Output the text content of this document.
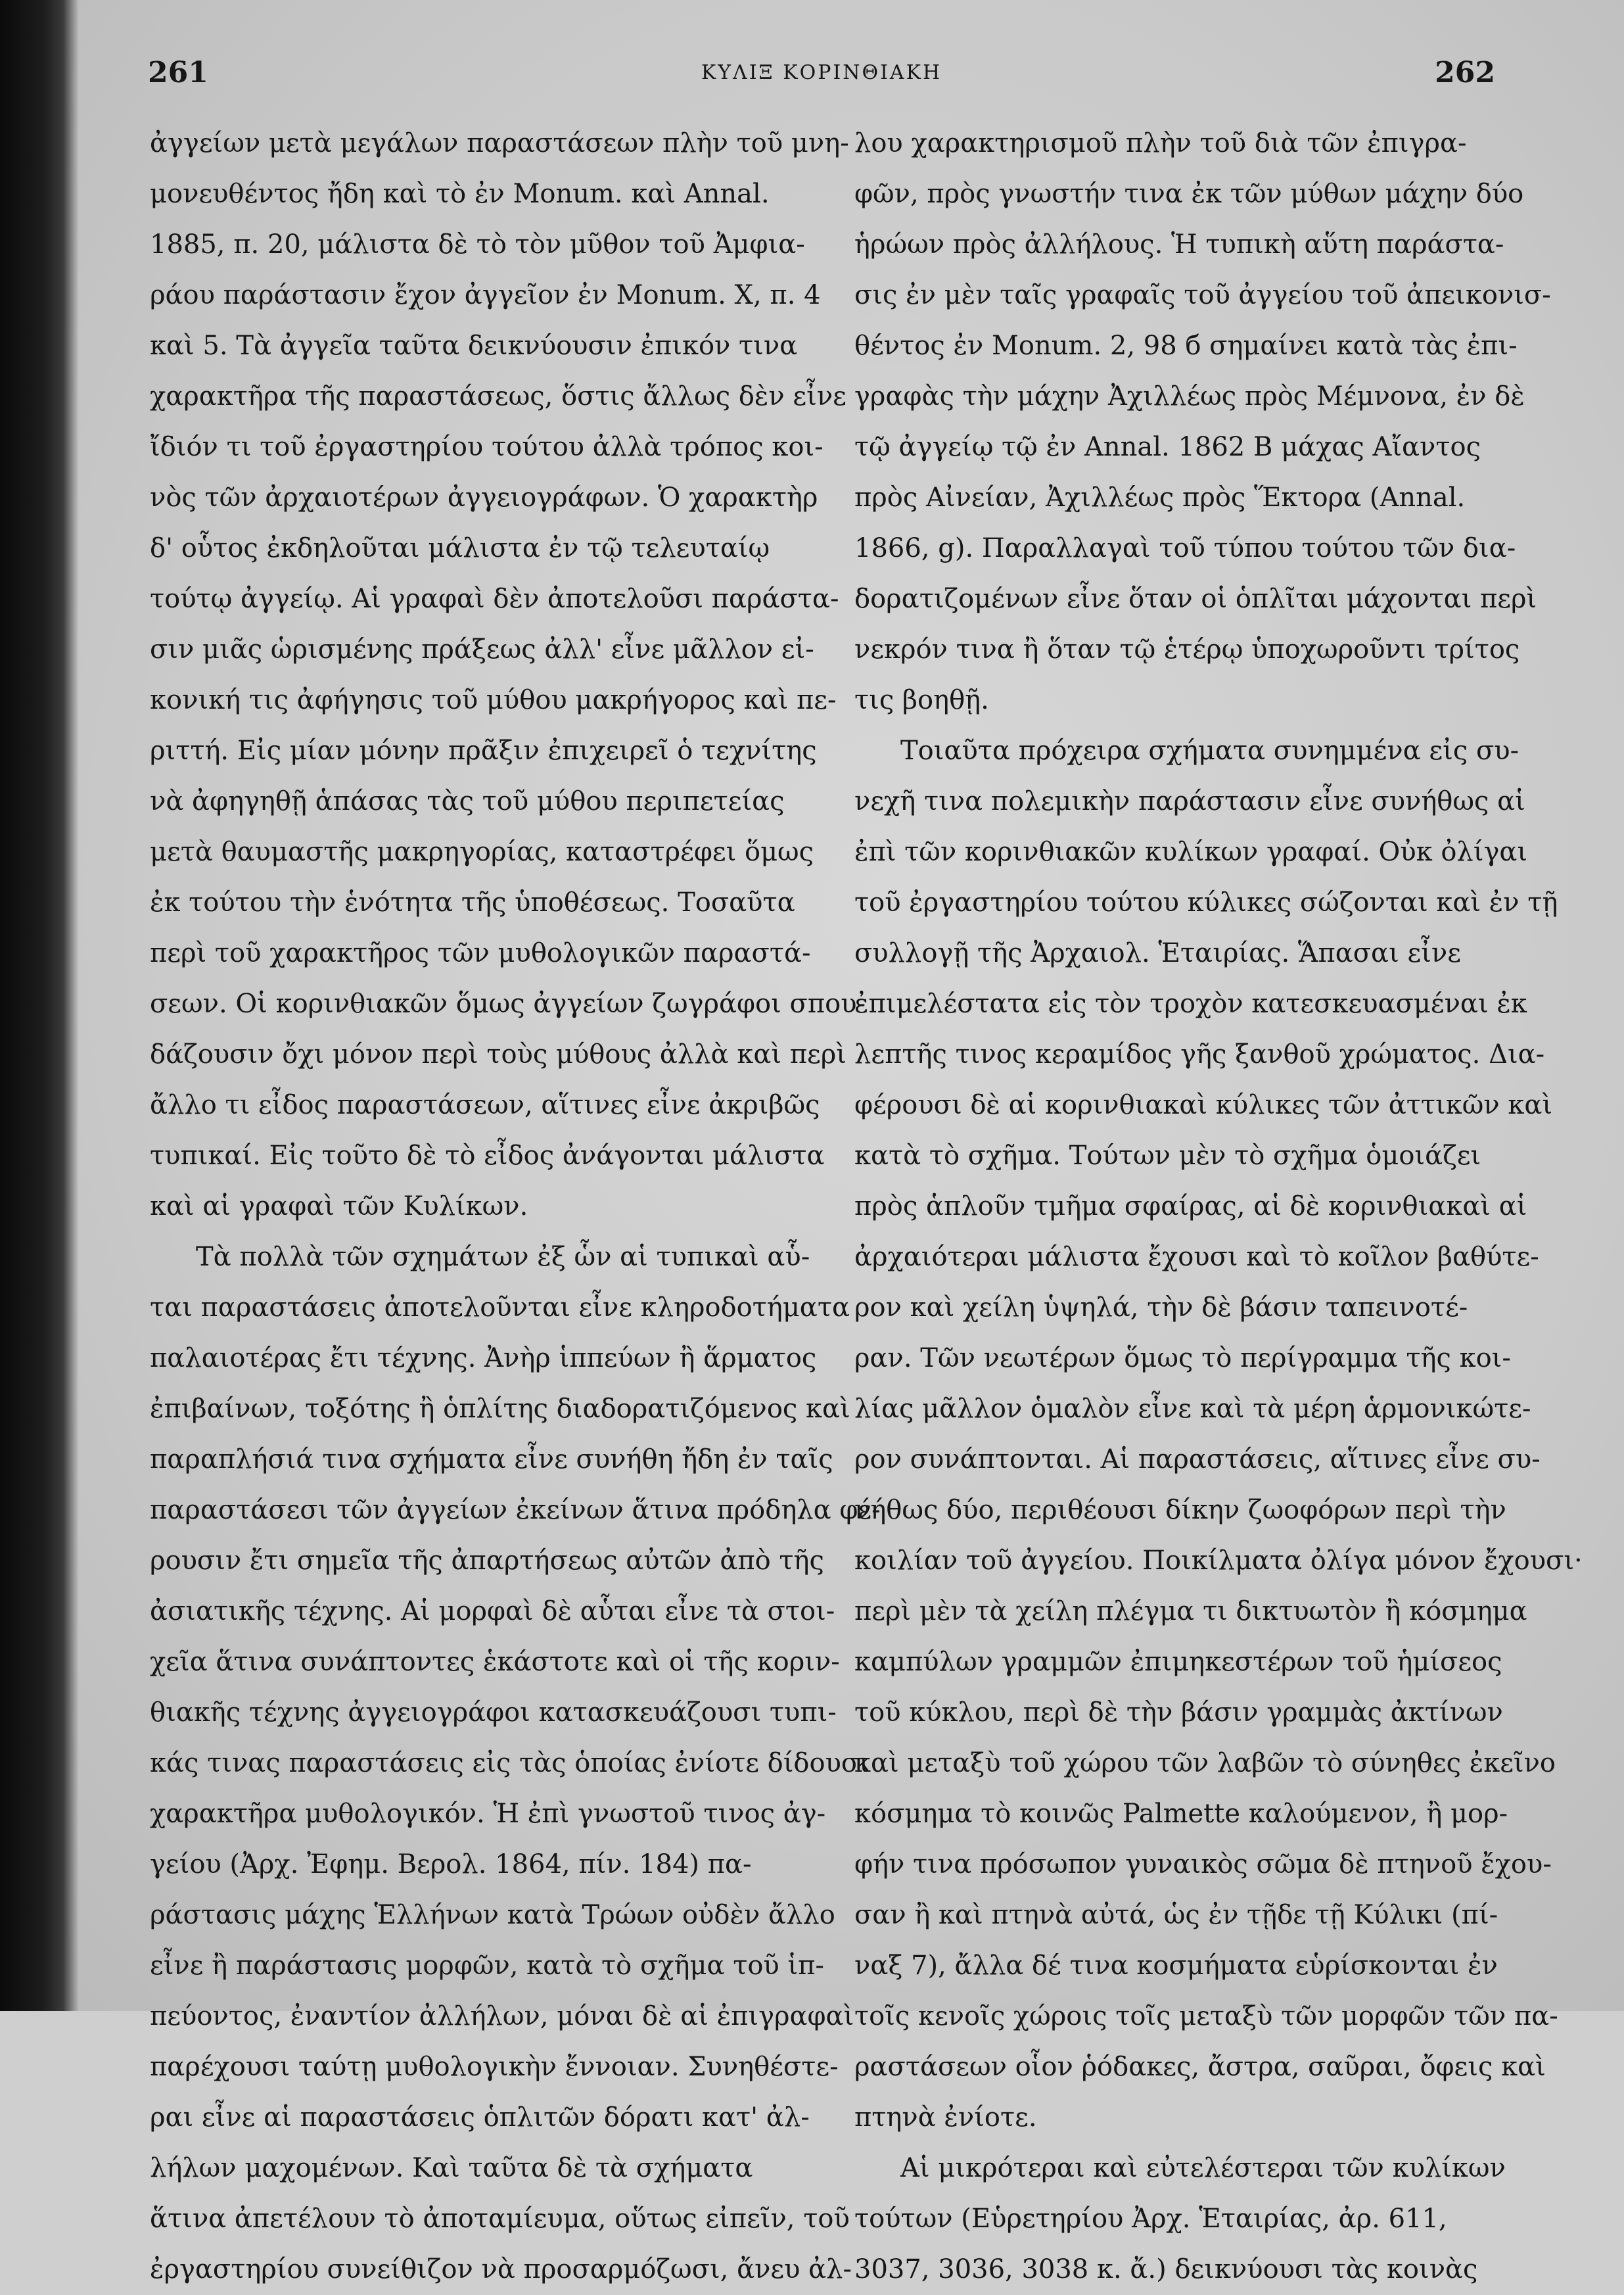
261	ΚΥΛΙΞ ΚΟΡΙΝΘΙΑΚΗ	262
ἀγγείων μετὰ μεγάλων παραστάσεων πλὴν τοῦ μνη-
μονευθέντος ἤδη καὶ τὸ ἐν Monum. καὶ Annal.
1885, π. 20, μάλιστα δὲ τὸ τὸν μῦθον τοῦ Ἀμφια-
ράου παράστασιν ἔχον ἀγγεῖον ἐν Monum. X, π. 4
καὶ 5. Τὰ ἀγγεῖα ταῦτα δεικνύουσιν ἐπικόν τινα
χαρακτῆρα τῆς παραστάσεως, ὅστις ἄλλως δὲν εἶνε
ἴδιόν τι τοῦ ἐργαστηρίου τούτου ἀλλὰ τρόπος κοι-
νὸς τῶν ἀρχαιοτέρων ἀγγειογράφων. Ὁ χαρακτὴρ
δ' οὗτος ἐκδηλοῦται μάλιστα ἐν τῷ τελευταίῳ
τούτῳ ἀγγείῳ. Αἱ γραφαὶ δὲν ἀποτελοῦσι παράστα-
σιν μιᾶς ὡρισμένης πράξεως ἀλλ' εἶνε μᾶλλον εἰ-
κονική τις ἀφήγησις τοῦ μύθου μακρήγορος καὶ πε-
ριττή. Εἰς μίαν μόνην πρᾶξιν ἐπιχειρεῖ ὁ τεχνίτης
νὰ ἀφηγηθῇ ἁπάσας τὰς τοῦ μύθου περιπετείας
μετὰ θαυμαστῆς μακρηγορίας, καταστρέφει ὅμως
ἐκ τούτου τὴν ἑνότητα τῆς ὑποθέσεως. Τοσαῦτα
περὶ τοῦ χαρακτῆρος τῶν μυθολογικῶν παραστά-
σεων. Οἱ κορινθιακῶν ὅμως ἀγγείων ζωγράφοι σπου-
δάζουσιν ὄχι μόνον περὶ τοὺς μύθους ἀλλὰ καὶ περὶ
ἄλλο τι εἶδος παραστάσεων, αἵτινες εἶνε ἀκριβῶς
τυπικαί. Εἰς τοῦτο δὲ τὸ εἶδος ἀνάγονται μάλιστα
καὶ αἱ γραφαὶ τῶν Κυλίκων.
Τὰ πολλὰ τῶν σχημάτων ἐξ ὧν αἱ τυπικαὶ αὗ-
ται παραστάσεις ἀποτελοῦνται εἶνε κληροδοτήματα
παλαιοτέρας ἔτι τέχνης. Ἀνὴρ ἱππεύων ἢ ἅρματος
ἐπιβαίνων, τοξότης ἢ ὁπλίτης διαδορατιζόμενος καὶ
παραπλήσιά τινα σχήματα εἶνε συνήθη ἤδη ἐν ταῖς
παραστάσεσι τῶν ἀγγείων ἐκείνων ἅτινα πρόδηλα φέ-
ρουσιν ἔτι σημεῖα τῆς ἀπαρτήσεως αὐτῶν ἀπὸ τῆς
ἀσιατικῆς τέχνης. Αἱ μορφαὶ δὲ αὗται εἶνε τὰ στοι-
χεῖα ἅτινα συνάπτοντες ἑκάστοτε καὶ οἱ τῆς κοριν-
θιακῆς τέχνης ἀγγειογράφοι κατασκευάζουσι τυπι-
κάς τινας παραστάσεις εἰς τὰς ὁποίας ἐνίοτε δίδουσι
χαρακτῆρα μυθολογικόν. Ἡ ἐπὶ γνωστοῦ τινος ἀγ-
γείου (Ἀρχ. Ἐφημ. Βερολ. 1864, πίν. 184) πα-
ράστασις μάχης Ἑλλήνων κατὰ Τρώων οὐδὲν ἄλλο
εἶνε ἢ παράστασις μορφῶν, κατὰ τὸ σχῆμα τοῦ ἱπ-
πεύοντος, ἐναντίον ἀλλήλων, μόναι δὲ αἱ ἐπιγραφαὶ
παρέχουσι ταύτῃ μυθολογικὴν ἔννοιαν. Συνηθέστε-
ραι εἶνε αἱ παραστάσεις ὁπλιτῶν δόρατι κατ' ἀλ-
λήλων μαχομένων. Καὶ ταῦτα δὲ τὰ σχήματα
ἅτινα ἀπετέλουν τὸ ἀποταμίευμα, οὕτως εἰπεῖν, τοῦ
ἐργαστηρίου συνείθιζον νὰ προσαρμόζωσι, ἄνευ ἀλ-
λου χαρακτηρισμοῦ πλὴν τοῦ διὰ τῶν ἐπιγρα-
φῶν, πρὸς γνωστήν τινα ἐκ τῶν μύθων μάχην δύο
ἡρώων πρὸς ἀλλήλους. Ἡ τυπικὴ αὕτη παράστα-
σις ἐν μὲν ταῖς γραφαῖς τοῦ ἀγγείου τοῦ ἀπεικονισ-
θέντος ἐν Monum. 2, 98 б σημαίνει κατὰ τὰς ἐπι-
γραφὰς τὴν μάχην Ἀχιλλέως πρὸς Μέμνονα, ἐν δὲ
τῷ ἀγγείῳ τῷ ἐν Annal. 1862 B μάχας Αἴαντος
πρὸς Αἰνείαν, Ἀχιλλέως πρὸς Ἕκτορα (Annal.
1866, g). Παραλλαγαὶ τοῦ τύπου τούτου τῶν δια-
δορατιζομένων εἶνε ὅταν οἱ ὁπλῖται μάχονται περὶ
νεκρόν τινα ἢ ὅταν τῷ ἑτέρῳ ὑποχωροῦντι τρίτος
τις βοηθῇ.
Τοιαῦτα πρόχειρα σχήματα συνημμένα εἰς συ-
νεχῆ τινα πολεμικὴν παράστασιν εἶνε συνήθως αἱ
ἐπὶ τῶν κορινθιακῶν κυλίκων γραφαί. Οὐκ ὀλίγαι
τοῦ ἐργαστηρίου τούτου κύλικες σώζονται καὶ ἐν τῇ
συλλογῇ τῆς Ἀρχαιολ. Ἑταιρίας. Ἅπασαι εἶνε
ἐπιμελέστατα εἰς τὸν τροχὸν κατεσκευασμέναι ἐκ
λεπτῆς τινος κεραμίδος γῆς ξανθοῦ χρώματος. Δια-
φέρουσι δὲ αἱ κορινθιακαὶ κύλικες τῶν ἀττικῶν καὶ
κατὰ τὸ σχῆμα. Τούτων μὲν τὸ σχῆμα ὁμοιάζει
πρὸς ἁπλοῦν τμῆμα σφαίρας, αἱ δὲ κορινθιακαὶ αἱ
ἀρχαιότεραι μάλιστα ἔχουσι καὶ τὸ κοῖλον βαθύτε-
ρον καὶ χείλη ὑψηλά, τὴν δὲ βάσιν ταπεινοτέ-
ραν. Τῶν νεωτέρων ὅμως τὸ περίγραμμα τῆς κοι-
λίας μᾶλλον ὁμαλὸν εἶνε καὶ τὰ μέρη ἁρμονικώτε-
ρον συνάπτονται. Αἱ παραστάσεις, αἵτινες εἶνε συ-
νήθως δύο, περιθέουσι δίκην ζωοφόρων περὶ τὴν
κοιλίαν τοῦ ἀγγείου. Ποικίλματα ὀλίγα μόνον ἔχουσι·
περὶ μὲν τὰ χείλη πλέγμα τι δικτυωτὸν ἢ κόσμημα
καμπύλων γραμμῶν ἐπιμηκεστέρων τοῦ ἡμίσεος
τοῦ κύκλου, περὶ δὲ τὴν βάσιν γραμμὰς ἀκτίνων
καὶ μεταξὺ τοῦ χώρου τῶν λαβῶν τὸ σύνηθες ἐκεῖνο
κόσμημα τὸ κοινῶς Palmette καλούμενον, ἢ μορ-
φήν τινα πρόσωπον γυναικὸς σῶμα δὲ πτηνοῦ ἔχου-
σαν ἢ καὶ πτηνὰ αὐτά, ὡς ἐν τῇδε τῇ Κύλικι (πί-
ναξ 7), ἄλλα δέ τινα κοσμήματα εὑρίσκονται ἐν
τοῖς κενοῖς χώροις τοῖς μεταξὺ τῶν μορφῶν τῶν πα-
ραστάσεων οἷον ῥόδακες, ἄστρα, σαῦραι, ὄφεις καὶ
πτηνὰ ἐνίοτε.
Αἱ μικρότεραι καὶ εὐτελέστεραι τῶν κυλίκων
τούτων (Εὑρετηρίου Ἀρχ. Ἑταιρίας, ἀρ. 611,
3037, 3036, 3038 κ. ἄ.) δεικνύουσι τὰς κοινὰς
